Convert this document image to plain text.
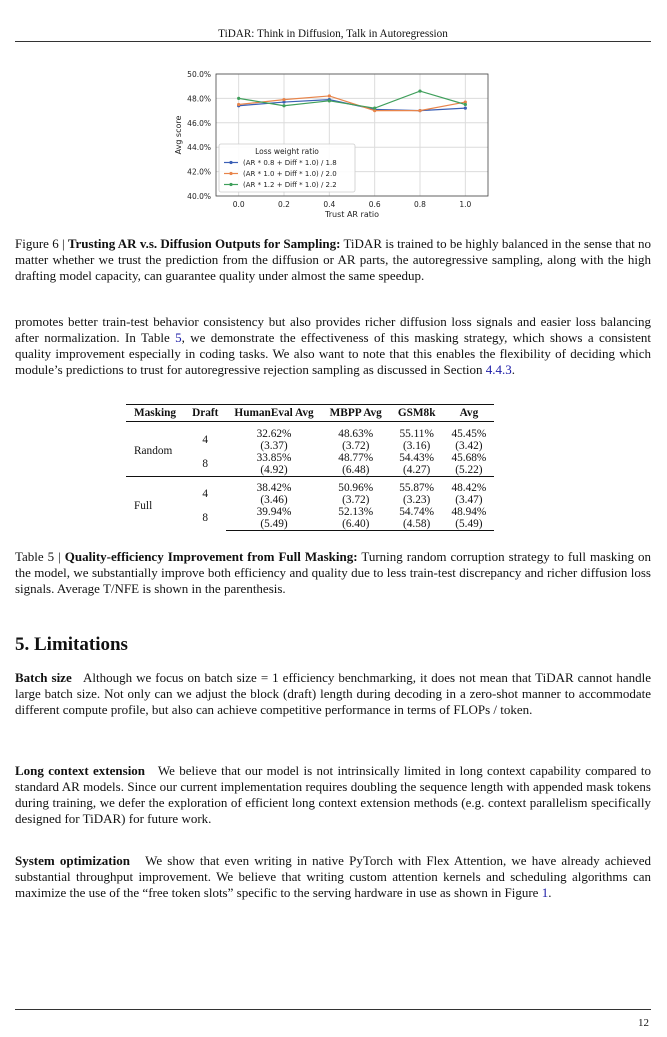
TiDAR: Think in Diffusion, Talk in Autoregression
40.0%
42.0%
44.0%
46.0%
48.0%
50.0%
0.0	0.2	0.4	0.6	0.8	1.0
Trust AR ratio
Avg score	Loss weight ratio
(AR * 0.8 + Diff * 1.0) / 1.8
(AR * 1.0 + Diff * 1.0) / 2.0
(AR * 1.2 + Diff * 1.0) / 2.2

Figure 6 | Trusting AR v.s. Diffusion Outputs for Sampling: TiDAR is trained to be highly balanced in the sense that no matter whether we trust the prediction from the diffusion or AR parts, the autoregressive sampling, along with the high drafting model capacity, can guarantee quality under almost the same speedup.

promotes better train-test behavior consistency but also provides richer diffusion loss signals and easier loss balancing after normalization. In Table 5, we demonstrate the effectiveness of this masking strategy, which shows a consistent quality improvement especially in coding tasks. We also want to note that this enables the flexibility of deciding which module’s predictions to trust for autoregressive rejection sampling as discussed in Section 4.4.3.

Masking	Draft	HumanEval Avg	MBPP Avg	GSM8k	Avg
Random					
	4	32.62%	48.63%	55.11%	45.45%
		(3.37)	(3.72)	(3.16)	(3.42)
	8	33.85%	48.77%	54.43%	45.68%
		(4.92)	(6.48)	(4.27)	(5.22)
Full					
	4	38.42%	50.96%	55.87%	48.42%
		(3.46)	(3.72)	(3.23)	(3.47)
	8	39.94%	52.13%	54.74%	48.94%
		(5.49)	(6.40)	(4.58)	(5.49)

Table 5 | Quality-efficiency Improvement from Full Masking: Turning random corruption strategy to full masking on the model, we substantially improve both efficiency and quality due to less train-test discrepancy and richer diffusion loss signals. Average T/NFE is shown in the parenthesis.

5. Limitations

Batch size Although we focus on batch size = 1 efficiency benchmarking, it does not mean that TiDAR cannot handle large batch size. Not only can we adjust the block (draft) length during decoding in a zero-shot manner to accommodate different compute profile, but also can achieve competitive performance in terms of FLOPs / token.

Long context extension We believe that our model is not intrinsically limited in long context capability compared to standard AR models. Since our current implementation requires doubling the sequence length with appended mask tokens during training, we defer the exploration of efficient long context extension methods (e.g. context parallelism specifically designed for TiDAR) for future work.

System optimization We show that even writing in native PyTorch with Flex Attention, we have already achieved substantial throughput improvement. We believe that writing custom attention kernels and scheduling algorithms can maximize the use of the “free token slots” specific to the serving hardware in use as shown in Figure 1.

12
